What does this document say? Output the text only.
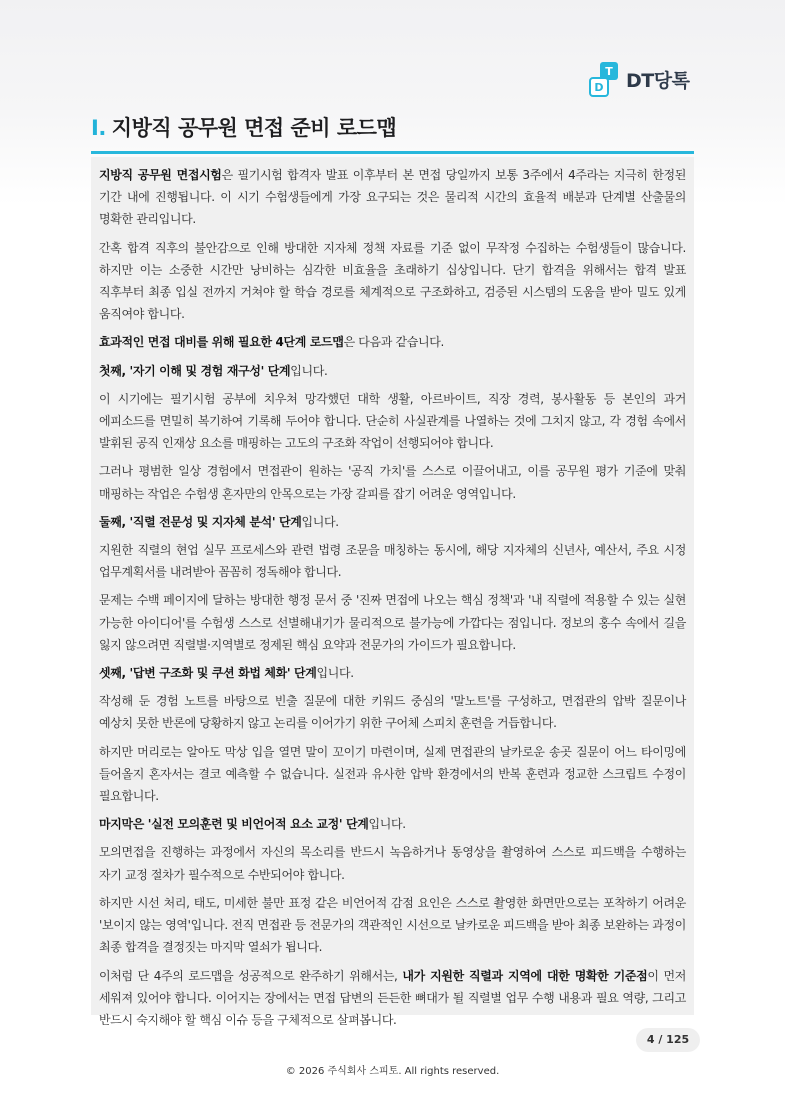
T
D DT당톡
I. 지방직 공무원 면접 준비 로드맵

지방직 공무원 면접시험은 필기시험 합격자 발표 이후부터 본 면접 당일까지 보통 3주에서 4주라는 지극히 한정된 기간 내에 진행됩니다. 이 시기 수험생들에게 가장 요구되는 것은 물리적 시간의 효율적 배분과 단계별 산출물의 명확한 관리입니다.

간혹 합격 직후의 불안감으로 인해 방대한 지자체 정책 자료를 기준 없이 무작정 수집하는 수험생들이 많습니다. 하지만 이는 소중한 시간만 낭비하는 심각한 비효율을 초래하기 십상입니다. 단기 합격을 위해서는 합격 발표 직후부터 최종 입실 전까지 거쳐야 할 학습 경로를 체계적으로 구조화하고, 검증된 시스템의 도움을 받아 밀도 있게 움직여야 합니다.

효과적인 면접 대비를 위해 필요한 4단계 로드맵은 다음과 같습니다.

첫째, '자기 이해 및 경험 재구성' 단계입니다.

이 시기에는 필기시험 공부에 치우쳐 망각했던 대학 생활, 아르바이트, 직장 경력, 봉사활동 등 본인의 과거 에피소드를 면밀히 복기하여 기록해 두어야 합니다. 단순히 사실관계를 나열하는 것에 그치지 않고, 각 경험 속에서 발휘된 공직 인재상 요소를 매핑하는 고도의 구조화 작업이 선행되어야 합니다.

그러나 평범한 일상 경험에서 면접관이 원하는 '공직 가치'를 스스로 이끌어내고, 이를 공무원 평가 기준에 맞춰 매핑하는 작업은 수험생 혼자만의 안목으로는 가장 갈피를 잡기 어려운 영역입니다.

둘째, '직렬 전문성 및 지자체 분석' 단계입니다.

지원한 직렬의 현업 실무 프로세스와 관련 법령 조문을 매칭하는 동시에, 해당 지자체의 신년사, 예산서, 주요 시정 업무계획서를 내려받아 꼼꼼히 정독해야 합니다.

문제는 수백 페이지에 달하는 방대한 행정 문서 중 '진짜 면접에 나오는 핵심 정책'과 '내 직렬에 적용할 수 있는 실현 가능한 아이디어'를 수험생 스스로 선별해내기가 물리적으로 불가능에 가깝다는 점입니다. 정보의 홍수 속에서 길을 잃지 않으려면 직렬별·지역별로 정제된 핵심 요약과 전문가의 가이드가 필요합니다.

셋째, '답변 구조화 및 쿠션 화법 체화' 단계입니다.

작성해 둔 경험 노트를 바탕으로 빈출 질문에 대한 키워드 중심의 '말노트'를 구성하고, 면접관의 압박 질문이나 예상치 못한 반론에 당황하지 않고 논리를 이어가기 위한 구어체 스피치 훈련을 거듭합니다.

하지만 머리로는 알아도 막상 입을 열면 말이 꼬이기 마련이며, 실제 면접관의 날카로운 송곳 질문이 어느 타이밍에 들어올지 혼자서는 결코 예측할 수 없습니다. 실전과 유사한 압박 환경에서의 반복 훈련과 정교한 스크립트 수정이 필요합니다.

마지막은 '실전 모의훈련 및 비언어적 요소 교정' 단계입니다.

모의면접을 진행하는 과정에서 자신의 목소리를 반드시 녹음하거나 동영상을 촬영하여 스스로 피드백을 수행하는 자기 교정 절차가 필수적으로 수반되어야 합니다.

하지만 시선 처리, 태도, 미세한 불만 표정 같은 비언어적 감점 요인은 스스로 촬영한 화면만으로는 포착하기 어려운 '보이지 않는 영역'입니다. 전직 면접관 등 전문가의 객관적인 시선으로 날카로운 피드백을 받아 최종 보완하는 과정이 최종 합격을 결정짓는 마지막 열쇠가 됩니다.

이처럼 단 4주의 로드맵을 성공적으로 완주하기 위해서는, 내가 지원한 직렬과 지역에 대한 명확한 기준점이 먼저 세워져 있어야 합니다. 이어지는 장에서는 면접 답변의 든든한 뼈대가 될 직렬별 업무 수행 내용과 필요 역량, 그리고 반드시 숙지해야 할 핵심 이슈 등을 구체적으로 살펴봅니다.

4 / 125
© 2026 주식회사 스피토. All rights reserved.
